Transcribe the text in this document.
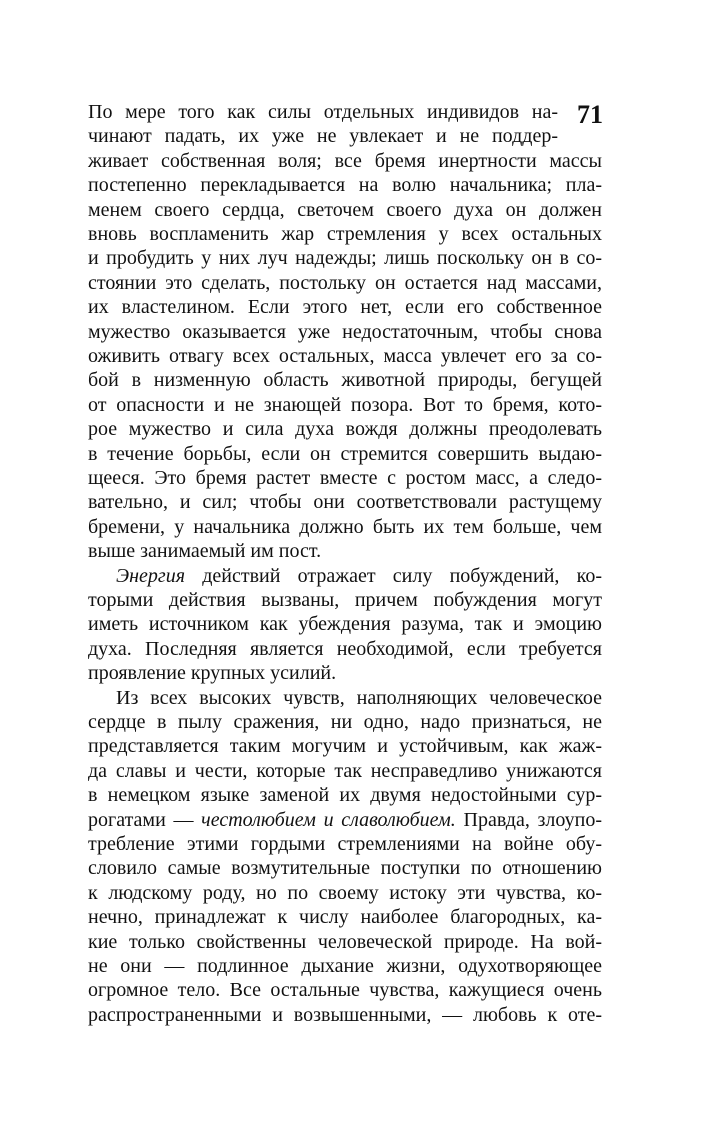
71
По мере того как силы отдельных индивидов на-
чинают падать, их уже не увлекает и не поддер-
живает собственная воля; все бремя инертности массы
постепенно перекладывается на волю начальника; пла-
менем своего сердца, светочем своего духа он должен
вновь воспламенить жар стремления у всех остальных
и пробудить у них луч надежды; лишь поскольку он в со-
стоянии это сделать, постольку он остается над массами,
их властелином. Если этого нет, если его собственное
мужество оказывается уже недостаточным, чтобы снова
оживить отвагу всех остальных, масса увлечет его за со-
бой в низменную область животной природы, бегущей
от опасности и не знающей позора. Вот то бремя, кото-
рое мужество и сила духа вождя должны преодолевать
в течение борьбы, если он стремится совершить выдаю-
щееся. Это бремя растет вместе с ростом масс, а следо-
вательно, и сил; чтобы они соответствовали растущему
бремени, у начальника должно быть их тем больше, чем
выше занимаемый им пост.
Энергия действий отражает силу побуждений, ко-
торыми действия вызваны, причем побуждения могут
иметь источником как убеждения разума, так и эмоцию
духа. Последняя является необходимой, если требуется
проявление крупных усилий.
Из всех высоких чувств, наполняющих человеческое
сердце в пылу сражения, ни одно, надо признаться, не
представляется таким могучим и устойчивым, как жаж-
да славы и чести, которые так несправедливо унижаются
в немецком языке заменой их двумя недостойными сур-
рогатами — честолюбием и славолюбием. Правда, злоупо-
требление этими гордыми стремлениями на войне обу-
словило самые возмутительные поступки по отношению
к людскому роду, но по своему истоку эти чувства, ко-
нечно, принадлежат к числу наиболее благородных, ка-
кие только свойственны человеческой природе. На вой-
не они — подлинное дыхание жизни, одухотворяющее
огромное тело. Все остальные чувства, кажущиеся очень
распространенными и возвышенными, — любовь к оте-
